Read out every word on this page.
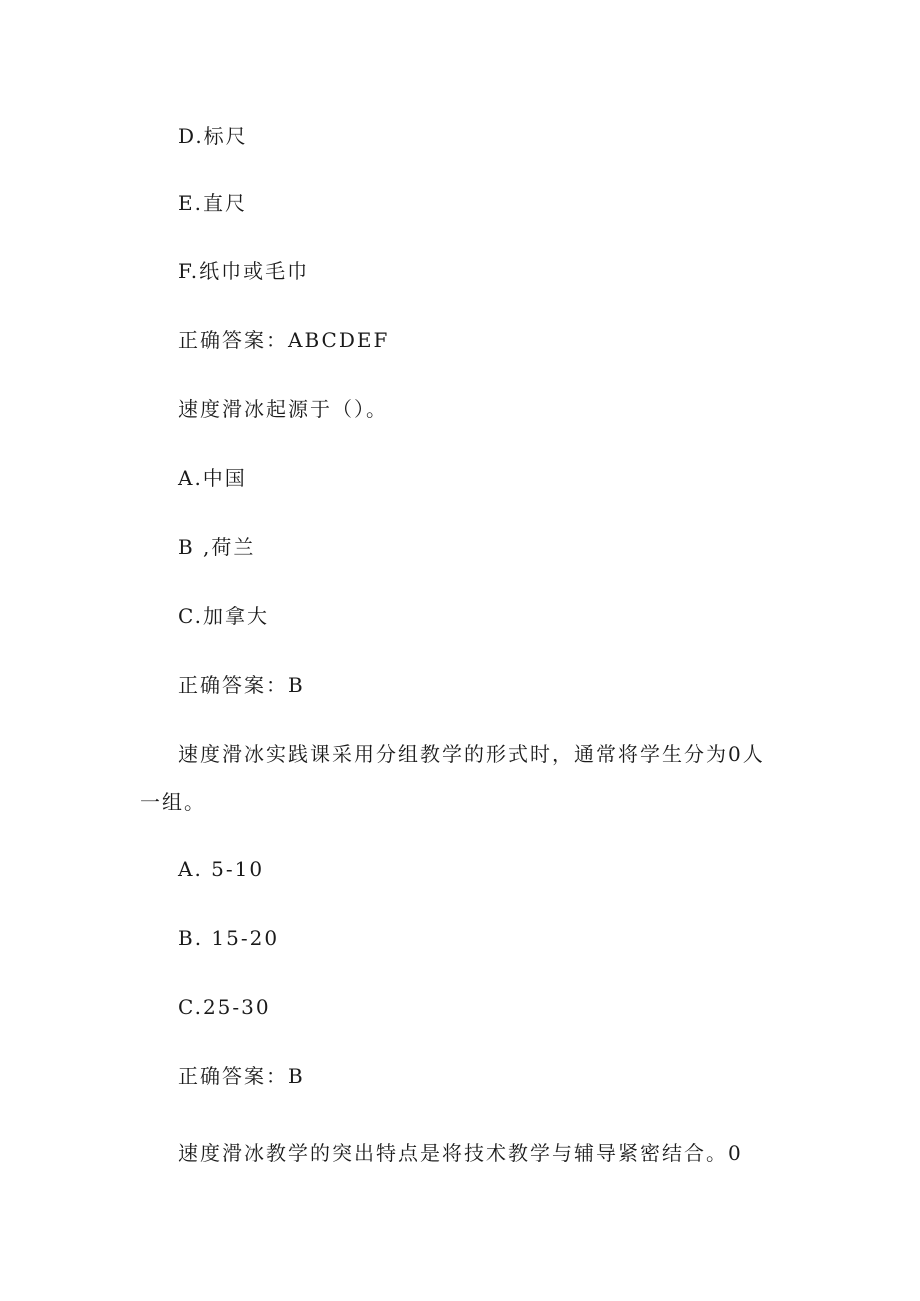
D.标尺
E.直尺
F.纸巾或毛巾
正确答案：ABCDEF
速度滑冰起源于（）。
A.中国
B ,荷兰
C.加拿大
正确答案：B
速度滑冰实践课采用分组教学的形式时，通常将学生分为0人
一组。
A. 5-10
B. 15-20
C.25-30
正确答案：B
速度滑冰教学的突出特点是将技术教学与辅导紧密结合。0
